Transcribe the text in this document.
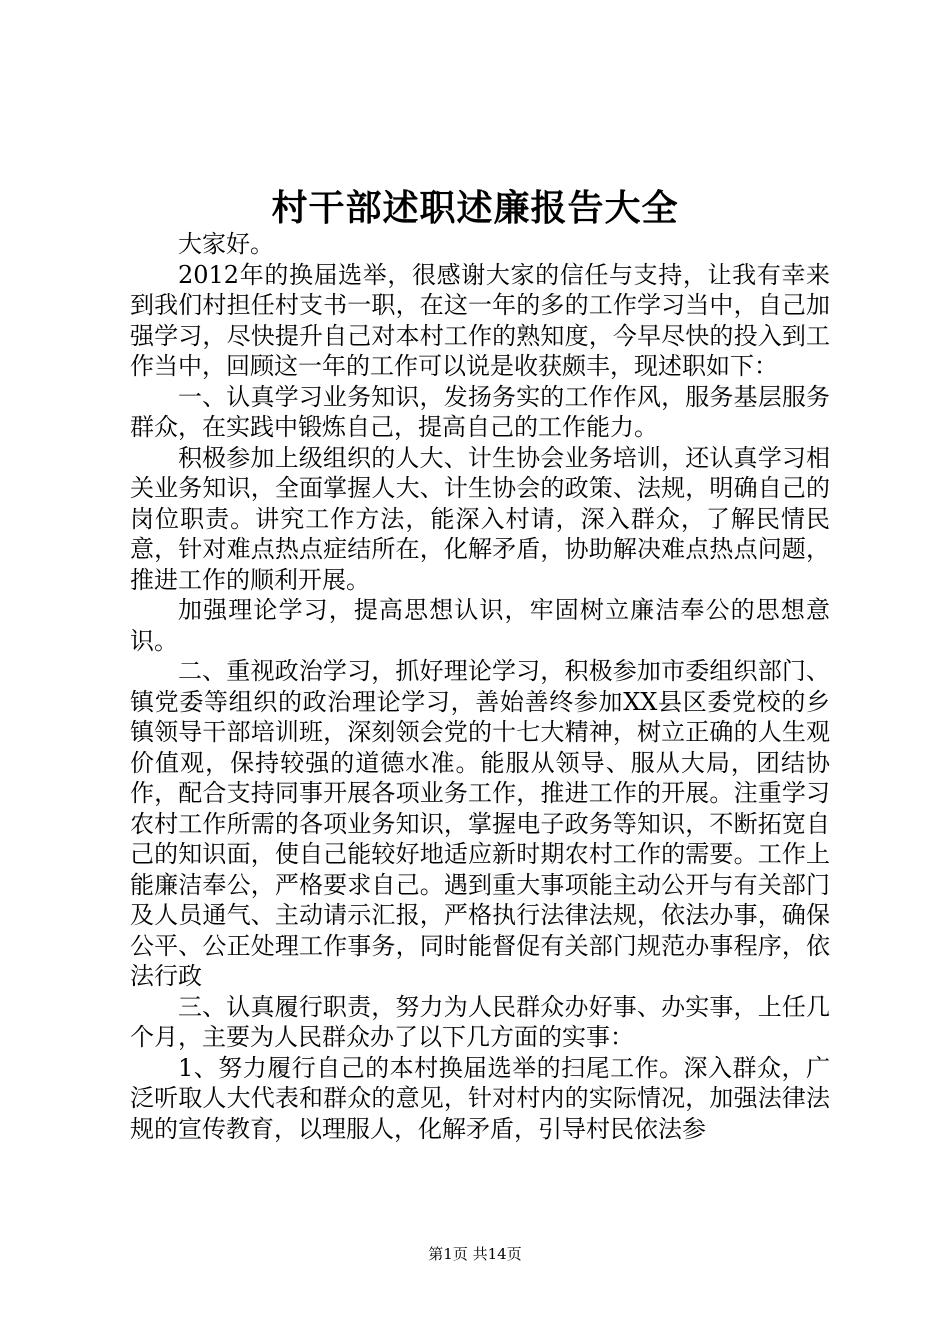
村干部述职述廉报告大全

大家好。

2012年的换届选举，很感谢大家的信任与支持，让我有幸来到我们村担任村支书一职，在这一年的多的工作学习当中，自己加强学习，尽快提升自己对本村工作的熟知度，今早尽快的投入到工作当中，回顾这一年的工作可以说是收获颇丰，现述职如下：

一、认真学习业务知识，发扬务实的工作作风，服务基层服务群众，在实践中锻炼自己，提高自己的工作能力。

积极参加上级组织的人大、计生协会业务培训，还认真学习相关业务知识，全面掌握人大、计生协会的政策、法规，明确自己的岗位职责。讲究工作方法，能深入村请，深入群众，了解民情民意，针对难点热点症结所在，化解矛盾，协助解决难点热点问题，推进工作的顺利开展。

加强理论学习，提高思想认识，牢固树立廉洁奉公的思想意识。

二、重视政治学习，抓好理论学习，积极参加市委组织部门、镇党委等组织的政治理论学习，善始善终参加XX县区委党校的乡镇领导干部培训班，深刻领会党的十七大精神，树立正确的人生观价值观，保持较强的道德水准。能服从领导、服从大局，团结协作，配合支持同事开展各项业务工作，推进工作的开展。注重学习农村工作所需的各项业务知识，掌握电子政务等知识，不断拓宽自己的知识面，使自己能较好地适应新时期农村工作的需要。工作上能廉洁奉公，严格要求自己。遇到重大事项能主动公开与有关部门及人员通气、主动请示汇报，严格执行法律法规，依法办事，确保公平、公正处理工作事务，同时能督促有关部门规范办事程序，依法行政

三、认真履行职责，努力为人民群众办好事、办实事，上任几个月，主要为人民群众办了以下几方面的实事：

1、努力履行自己的本村换届选举的扫尾工作。深入群众，广泛听取人大代表和群众的意见，针对村内的实际情况，加强法律法规的宣传教育，以理服人，化解矛盾，引导村民依法参

第1页 共14页
